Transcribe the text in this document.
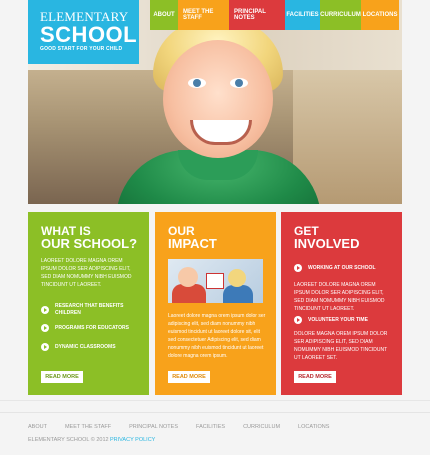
ELEMENTARY
SCHOOL
GOOD START FOR YOUR CHILD
ABOUT	MEET THE STAFF
PRINCIPAL NOTES	FACILITIES CURRICULUM LOCATIONS
WHAT IS
OUR SCHOOL?
LAOREET DOLORE MAGNA OREM IPSUM DOLOR SER ADIPISCING ELIT, SED DIAM NOMUMMY NIBH EUISMOD TINCIDUNT UT LAOREET.
RESEARCH THAT BENEFITS CHILDREN
PROGRAMS FOR EDUCATORS
DYNAMIC CLASSROOMS
READ MORE
OUR
IMPACT
Laoreet dolore magna orem ipsum dolor ser adipiscing elit, sed diam nonummy nibh euismod tincidunt ut laoreet dolore sit, elit sed consectetuer Adipiscing elit, sed diam nonummy nibh euismod tincidunt ut laoreet dolore magna orem ipsum.
READ MORE
GET
INVOLVED
WORKING AT OUR SCHOOL
LAOREET DOLORE MAGNA OREM IPSUM DOLOR SER ADIPISCING ELIT, SED DIAM NOMUMMY NIBH EUISMOD TINCIDUNT UT LAOREET.
VOLUNTEER YOUR TIME
DOLORE MAGNA OREM IPSUM DOLOR SER ADIPISCING ELIT, SED DIAM NOMUMMY NIBH EUISMOD TINCIDUNT UT LAOREET SET.
READ MORE
ABOUT	MEET THE STAFF	PRINCIPAL NOTES	FACILITIES	CURRICULUM	LOCATIONS
ELEMENTARY SCHOOL © 2012 PRIVACY POLICY
